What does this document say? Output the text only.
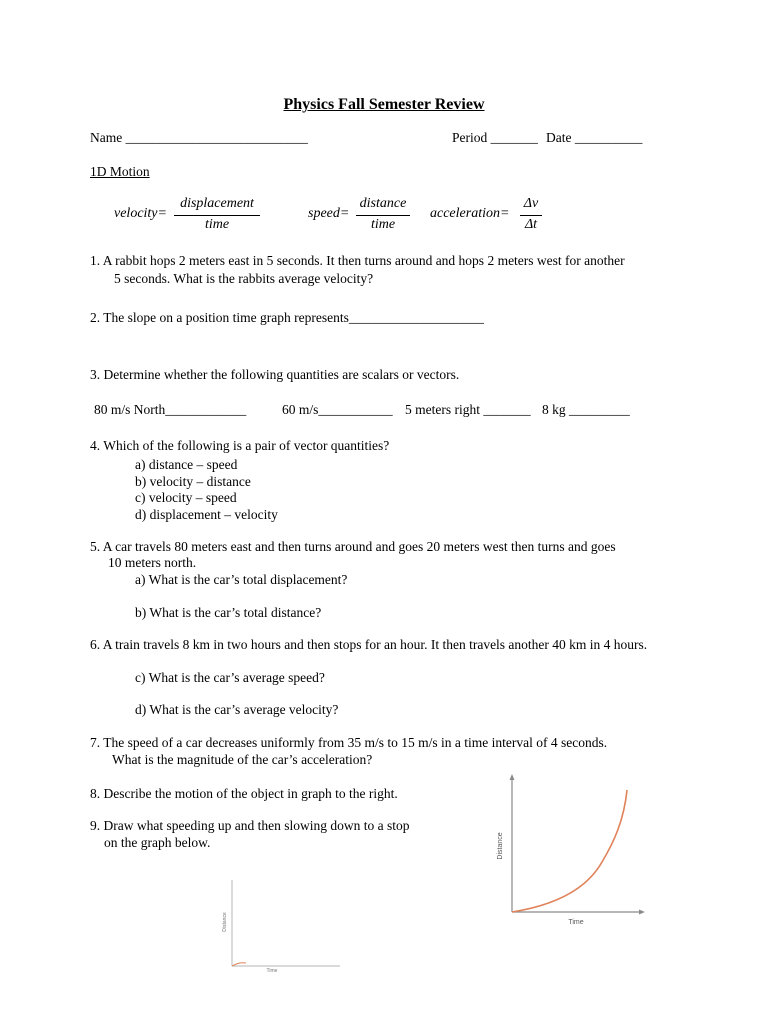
Physics Fall Semester Review
Name ___________________________	Period _______ Date __________
1D Motion
velocity=
displacement
time
speed=
distance
time
acceleration=
Δv
Δt
1. A rabbit hops 2 meters east in 5 seconds. It then turns around and hops 2 meters west for another
5 seconds. What is the rabbits average velocity?
2. The slope on a position time graph represents____________________
3. Determine whether the following quantities are scalars or vectors.
80 m/s North____________	60 m/s___________ 5 meters right _______ 8 kg _________
4. Which of the following is a pair of vector quantities?
a) distance – speed
b) velocity – distance
c) velocity – speed
d) displacement – velocity
5. A car travels 80 meters east and then turns around and goes 20 meters west then turns and goes
10 meters north.
a) What is the car’s total displacement?
b) What is the car’s total distance?
6. A train travels 8 km in two hours and then stops for an hour. It then travels another 40 km in 4 hours.
c) What is the car’s average speed?
d) What is the car’s average velocity?
7. The speed of a car decreases uniformly from 35 m/s to 15 m/s in a time interval of 4 seconds.
What is the magnitude of the car’s acceleration?
8. Describe the motion of the object in graph to the right.
9. Draw what speeding up and then slowing down to a stop
on the graph below.
Time
Distance
Time
Distance
